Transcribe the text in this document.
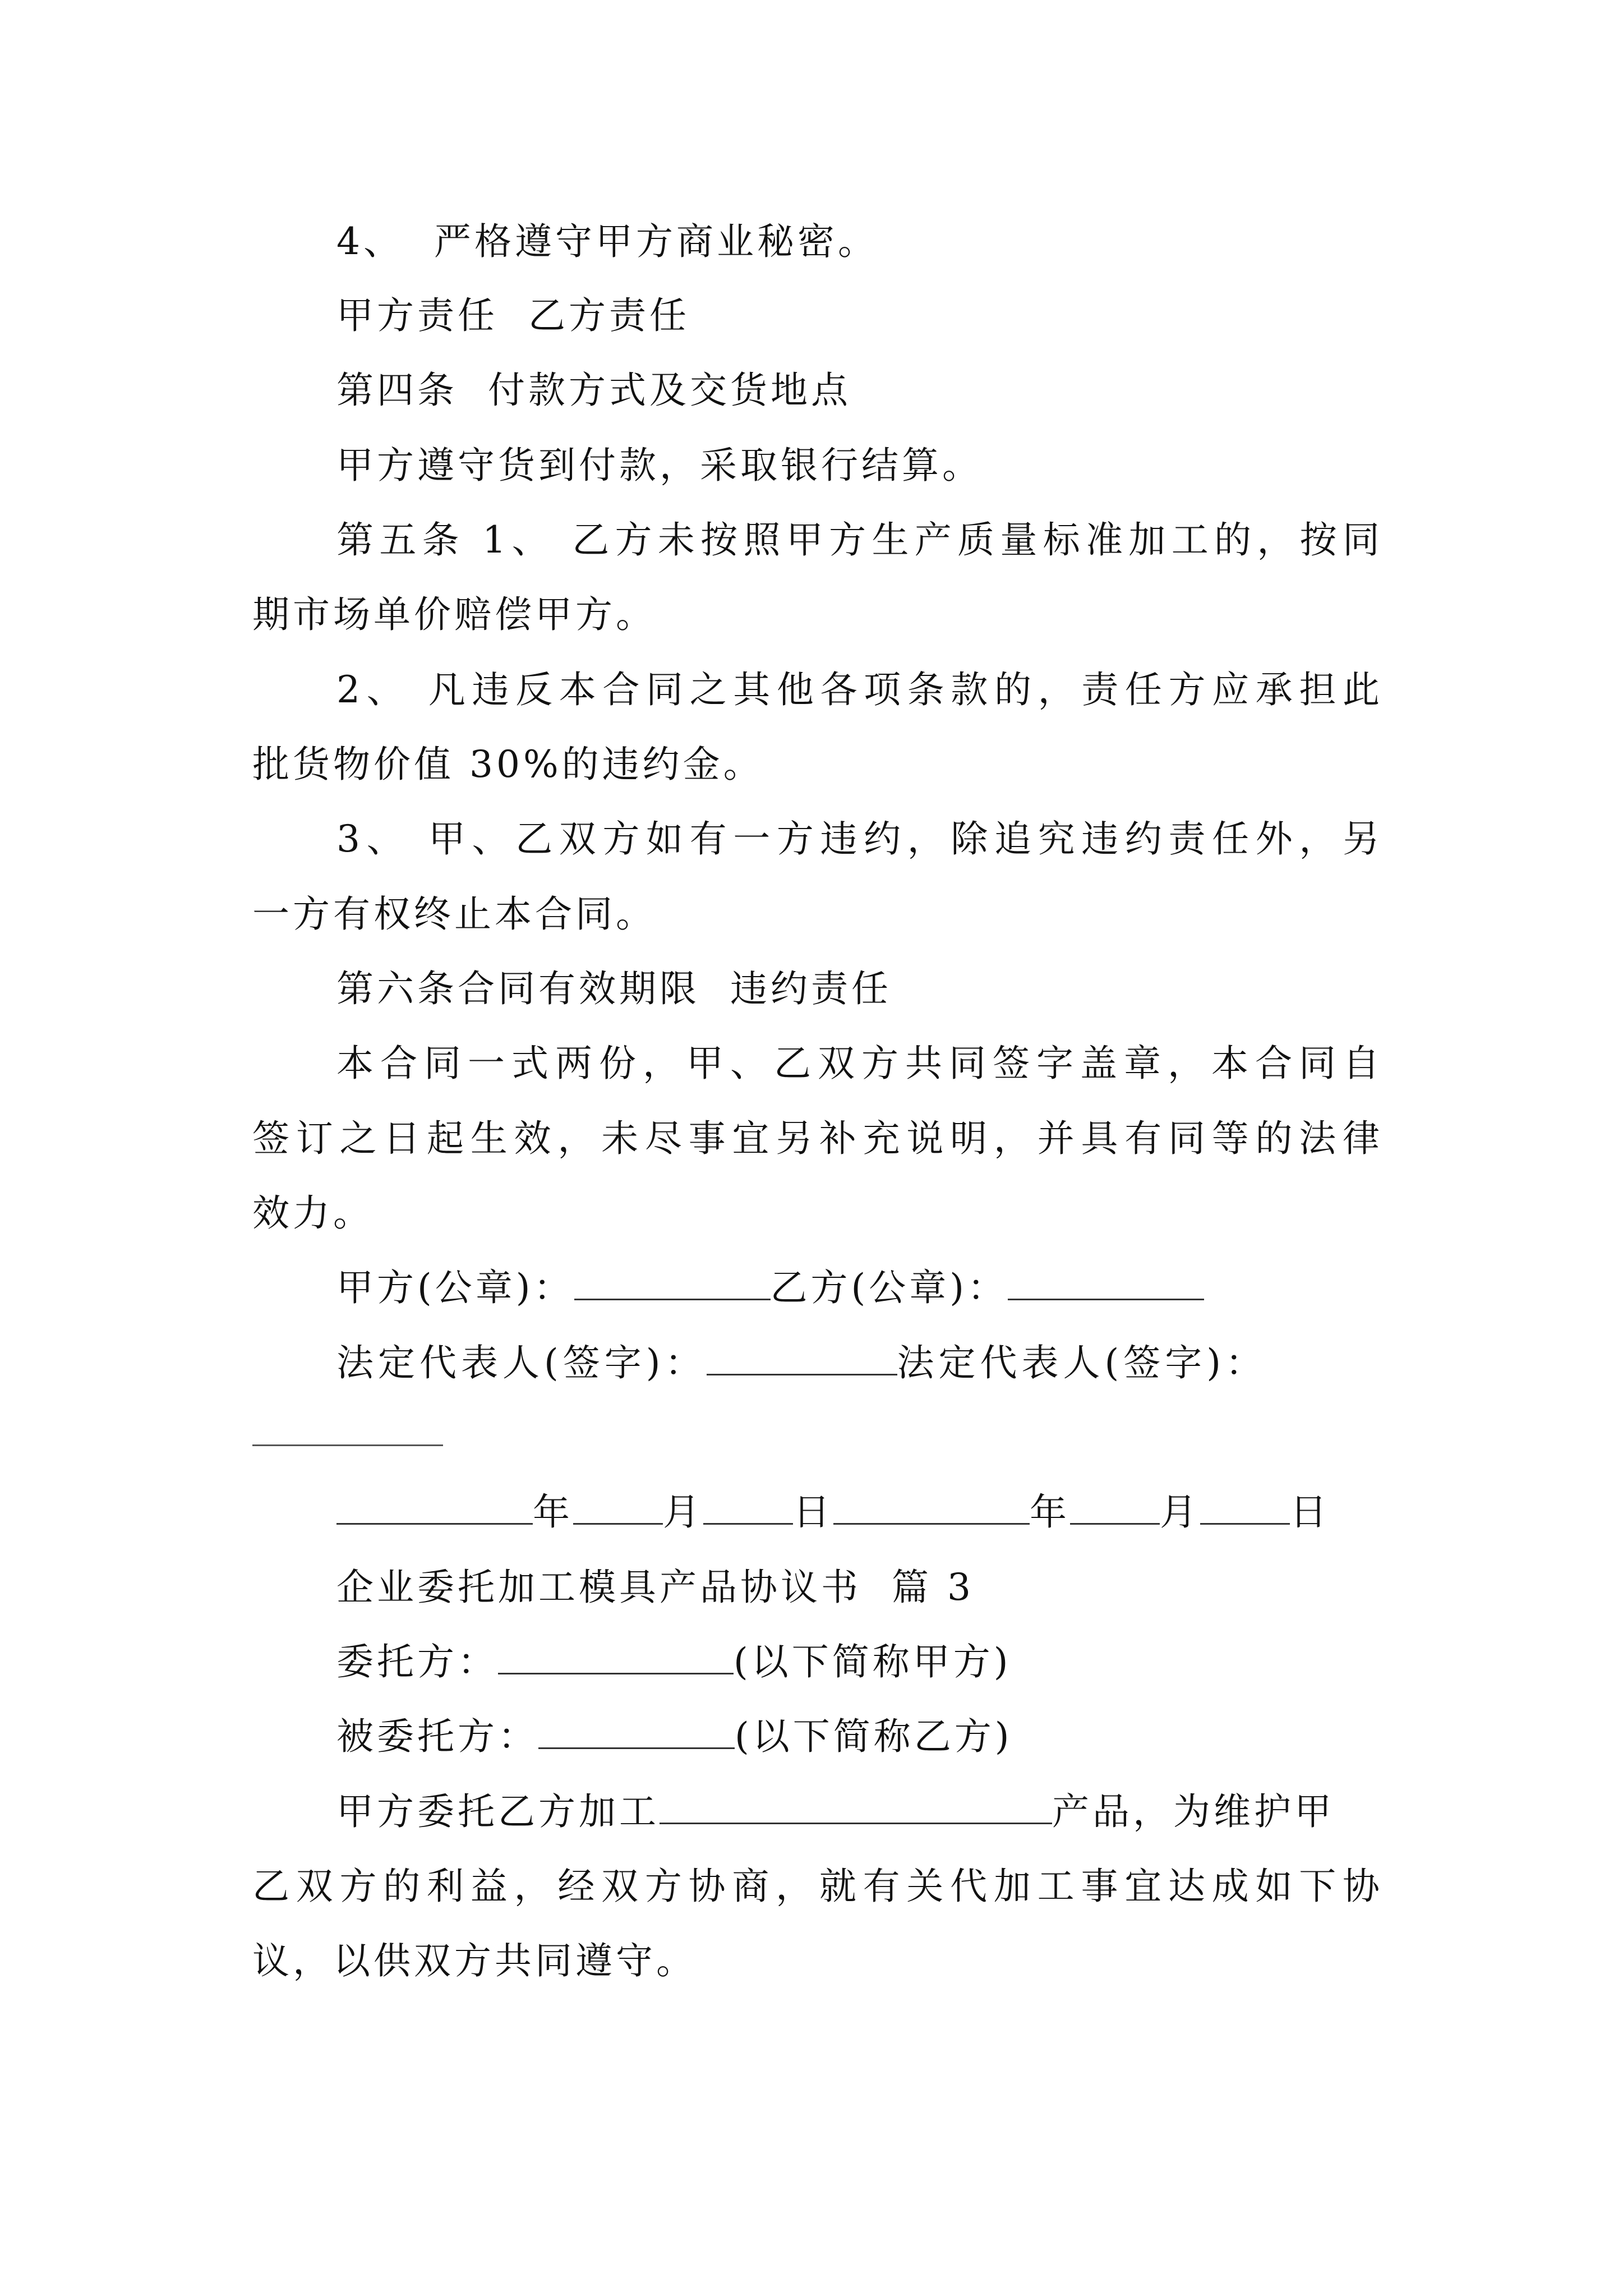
4、  严格遵守甲方商业秘密。
甲方责任  乙方责任
第四条  付款方式及交货地点
甲方遵守货到付款，采取银行结算。
第五条 1、 乙方未按照甲方生产质量标准加工的，按同
期市场单价赔偿甲方。
2、 凡违反本合同之其他各项条款的，责任方应承担此
批货物价值 30%的违约金。
3、 甲、乙双方如有一方违约，除追究违约责任外，另
一方有权终止本合同。
第六条合同有效期限  违约责任
本合同一式两份，甲、乙双方共同签字盖章，本合同自
签订之日起生效，未尽事宜另补充说明，并具有同等的法律
效力。
甲方(公章)：	乙方(公章)：
法定代表人(签字)：	法定代表人(签字)：
年 月 日	年 月 日
企业委托加工模具产品协议书  篇 3
委托方：	(以下简称甲方)
被委托方：	(以下简称乙方)
甲方委托乙方加工	产品，为维护甲
乙双方的利益，经双方协商，就有关代加工事宜达成如下协
议，以供双方共同遵守。
